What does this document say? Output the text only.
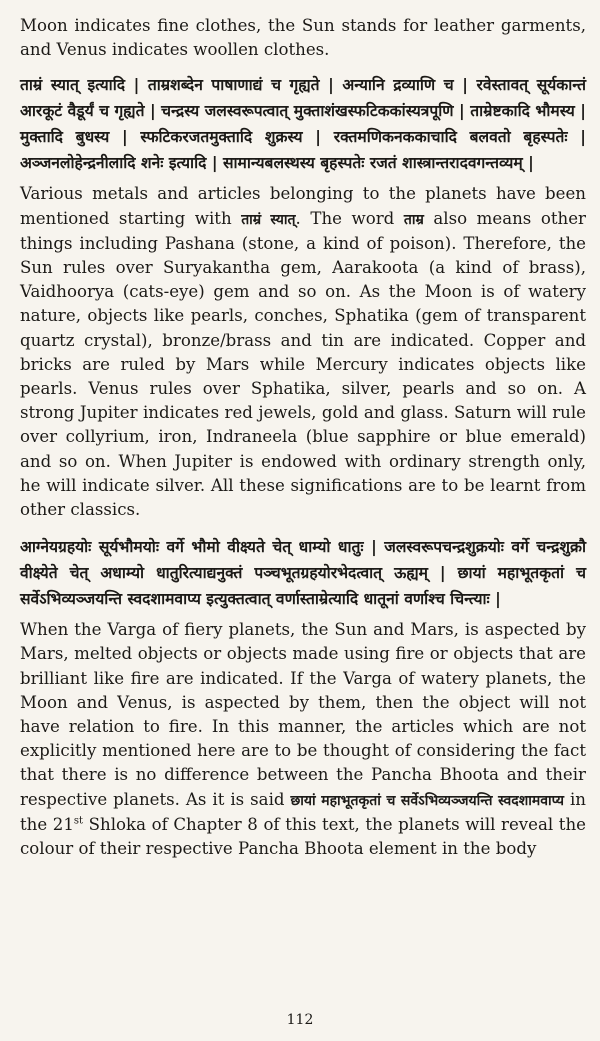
Moon indicates fine clothes, the Sun stands for leather garments, and Venus indicates woollen clothes.

ताम्रं स्यात् इत्यादि | ताम्रशब्देन पाषाणाद्यं च गृह्यते | अन्यानि द्रव्याणि च | रवेस्तावत् सूर्यकान्तं आरकूटं वैडूर्यं च गृह्यते | चन्द्रस्य जलस्वरूपत्वात् मुक्ताशंखस्फटिककांस्यत्रपूणि | ताम्रेष्टकादि भौमस्य | मुक्तादि बुधस्य | स्फटिकरजतमुक्तादि शुक्रस्य | रक्तमणिकनककाचादि बलवतो बृहस्पतेः | अञ्जनलोहेन्द्रनीलादि शनेः इत्यादि | सामान्यबलस्थस्य बृहस्पतेः रजतं शास्त्रान्तरादवगन्तव्यम् |

Various metals and articles belonging to the planets have been mentioned starting with ताम्रं स्यात्. The word ताम्र also means other things including Pashana (stone, a kind of poison). Therefore, the Sun rules over Suryakantha gem, Aarakoota (a kind of brass), Vaidhoorya (cats-eye) gem and so on. As the Moon is of watery nature, objects like pearls, conches, Sphatika (gem of transparent quartz crystal), bronze/brass and tin are indicated. Copper and bricks are ruled by Mars while Mercury indicates objects like pearls. Venus rules over Sphatika, silver, pearls and so on. A strong Jupiter indicates red jewels, gold and glass. Saturn will rule over collyrium, iron, Indraneela (blue sapphire or blue emerald) and so on. When Jupiter is endowed with ordinary strength only, he will indicate silver. All these significations are to be learnt from other classics.

आग्नेयग्रहयोः सूर्यभौमयोः वर्गे भौमो वीक्ष्यते चेत् धाम्यो धातुः | जलस्वरूपचन्द्रशुक्रयोः वर्गे चन्द्रशुक्रौ वीक्ष्येते चेत् अधाम्यो धातुरित्याद्यनुक्तं पञ्चभूतग्रहयोरभेदत्वात् ऊह्यम् | छायां महाभूतकृतां च सर्वेऽभिव्यञ्जयन्ति स्वदशामवाप्य इत्युक्तत्वात् वर्णास्ताम्रेत्यादि धातूनां वर्णाश्च चिन्त्याः |

When the Varga of fiery planets, the Sun and Mars, is aspected by Mars, melted objects or objects made using fire or objects that are brilliant like fire are indicated. If the Varga of watery planets, the Moon and Venus, is aspected by them, then the object will not have relation to fire. In this manner, the articles which are not explicitly mentioned here are to be thought of considering the fact that there is no difference between the Pancha Bhoota and their respective planets. As it is said छायां महाभूतकृतां च सर्वेऽभिव्यञ्जयन्ति स्वदशामवाप्य in the 21st Shloka of Chapter 8 of this text, the planets will reveal the colour of their respective Pancha Bhoota element in the body

112
